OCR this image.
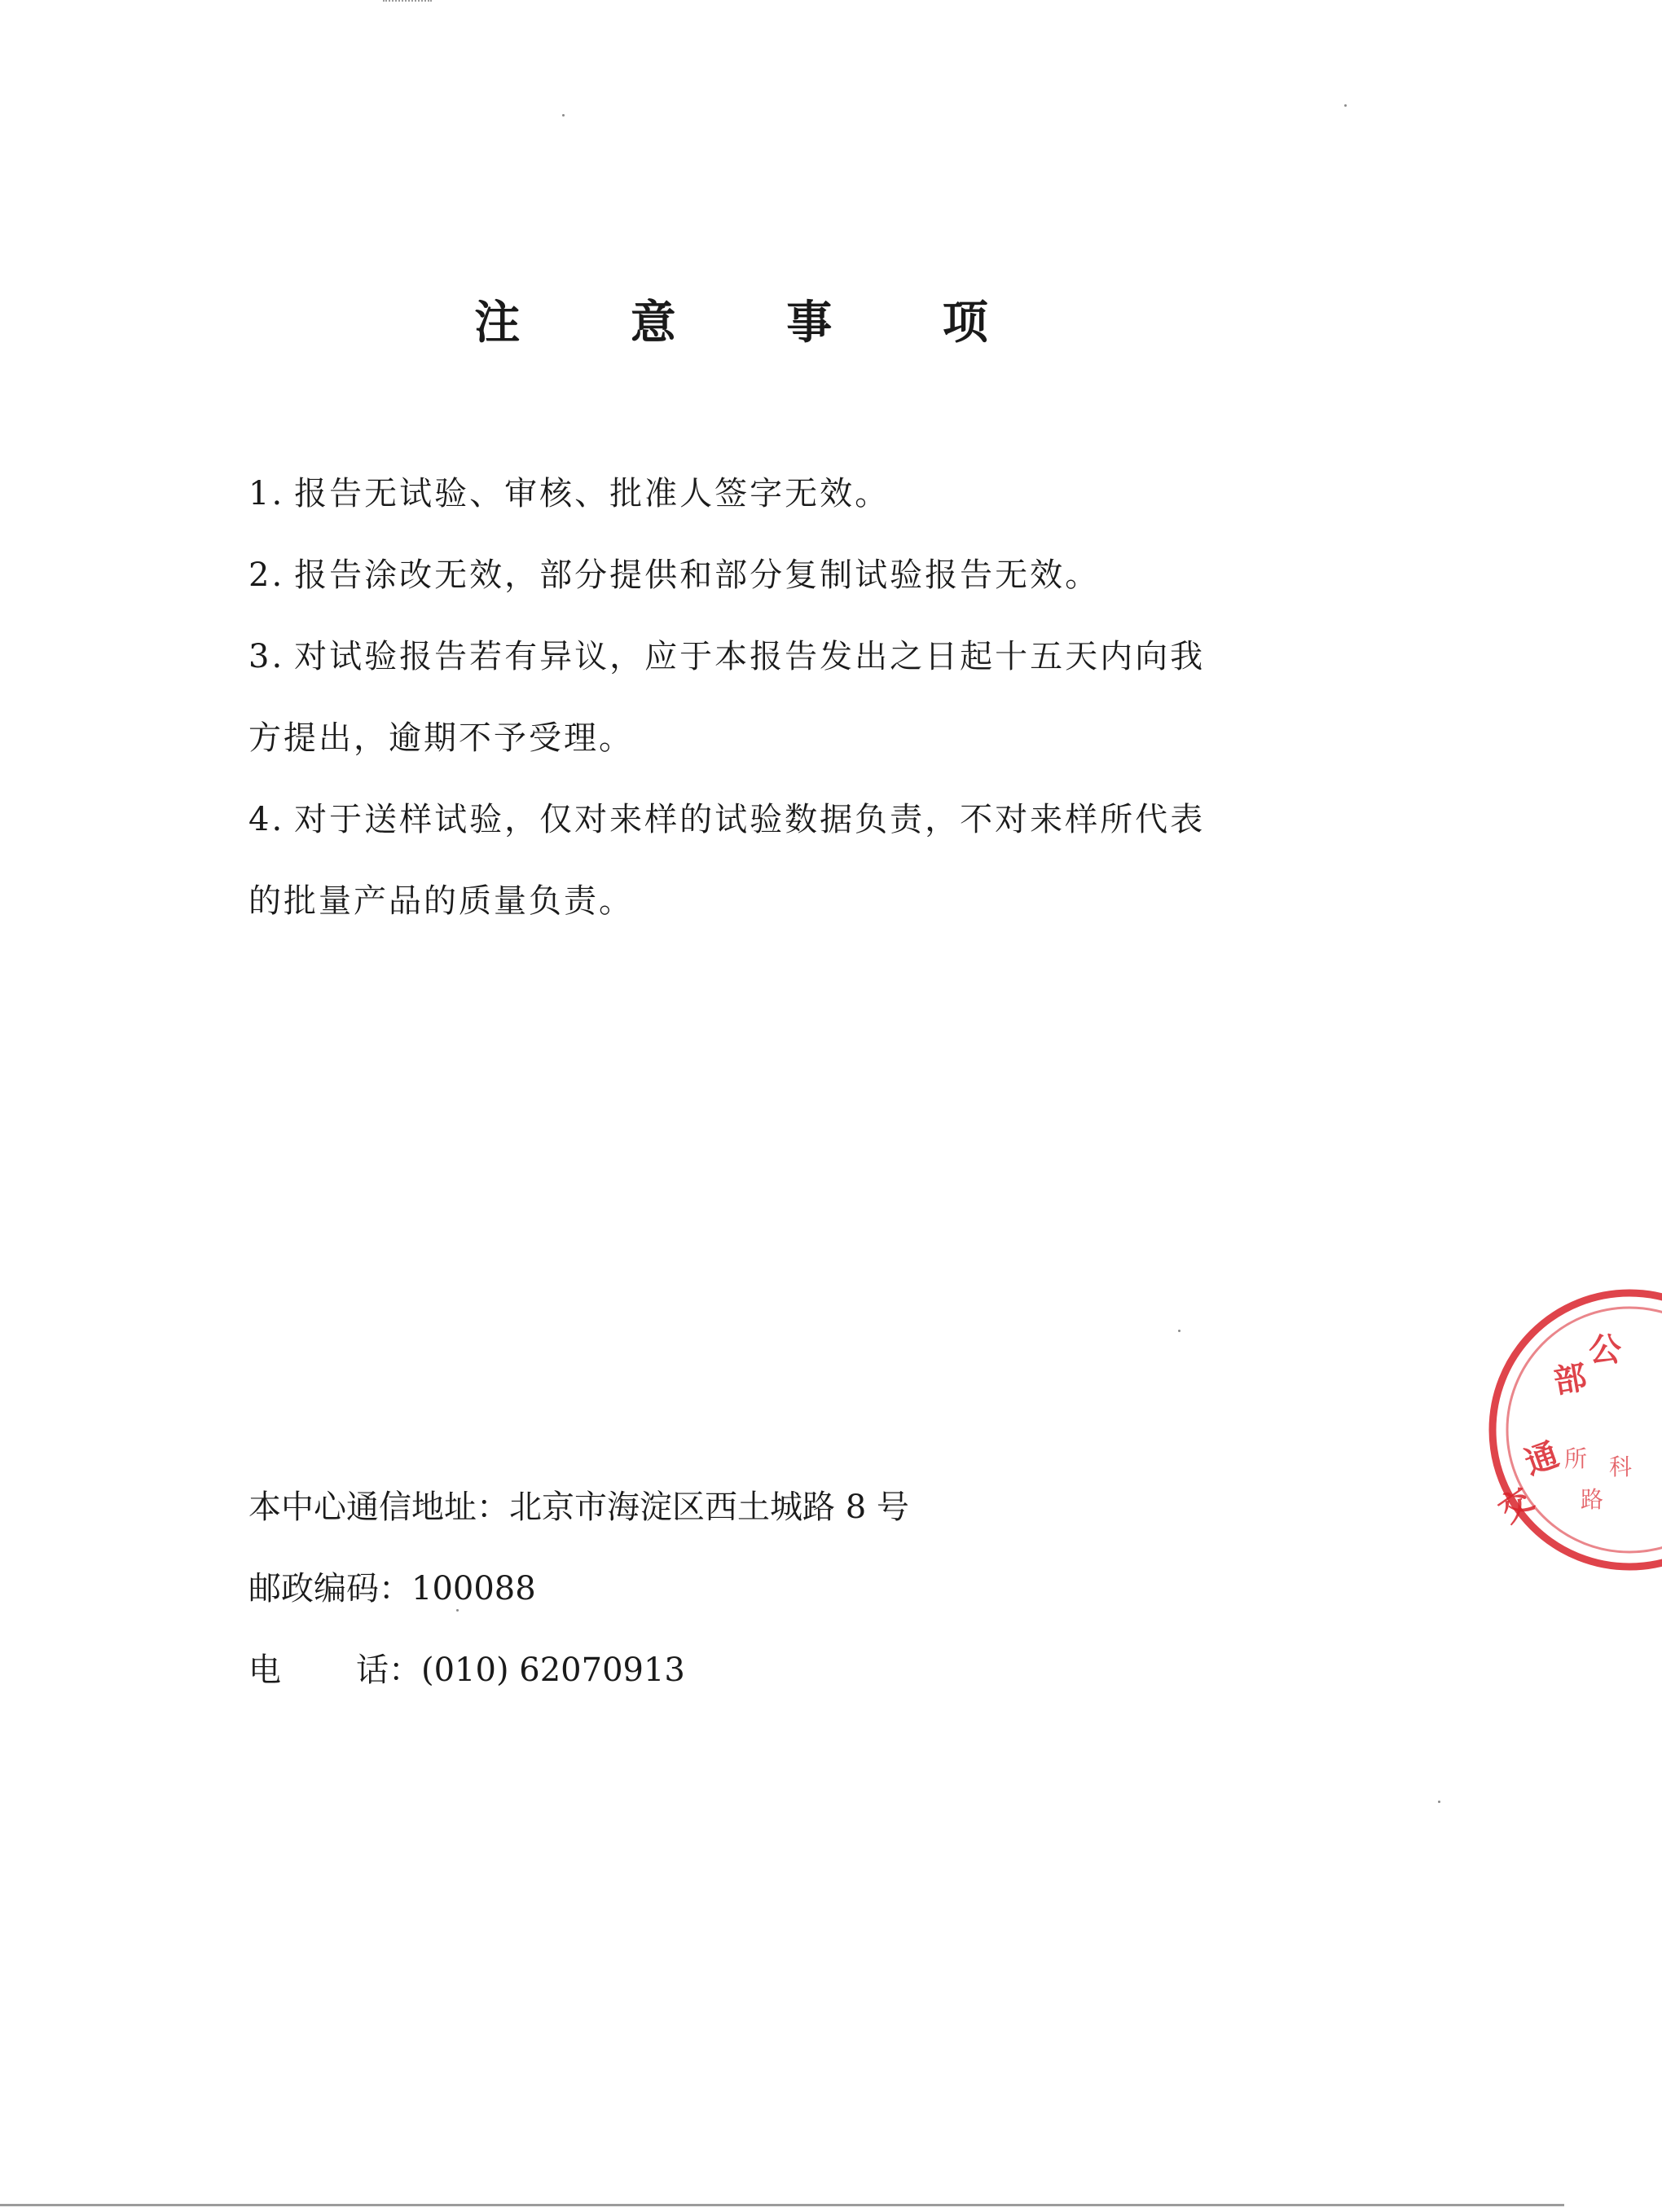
注 意 事 项

1. 报告无试验、审核、批准人签字无效。

2. 报告涂改无效，部分提供和部分复制试验报告无效。

3. 对试验报告若有异议，应于本报告发出之日起十五天内向我

方提出，逾期不予受理。

4. 对于送样试验，仅对来样的试验数据负责，不对来样所代表

的批量产品的质量负责。

本中心通信地址：北京市海淀区西土城路 8 号

邮政编码：100088

电 话：(010) 62070913

交
通
部
公
所
路
科
